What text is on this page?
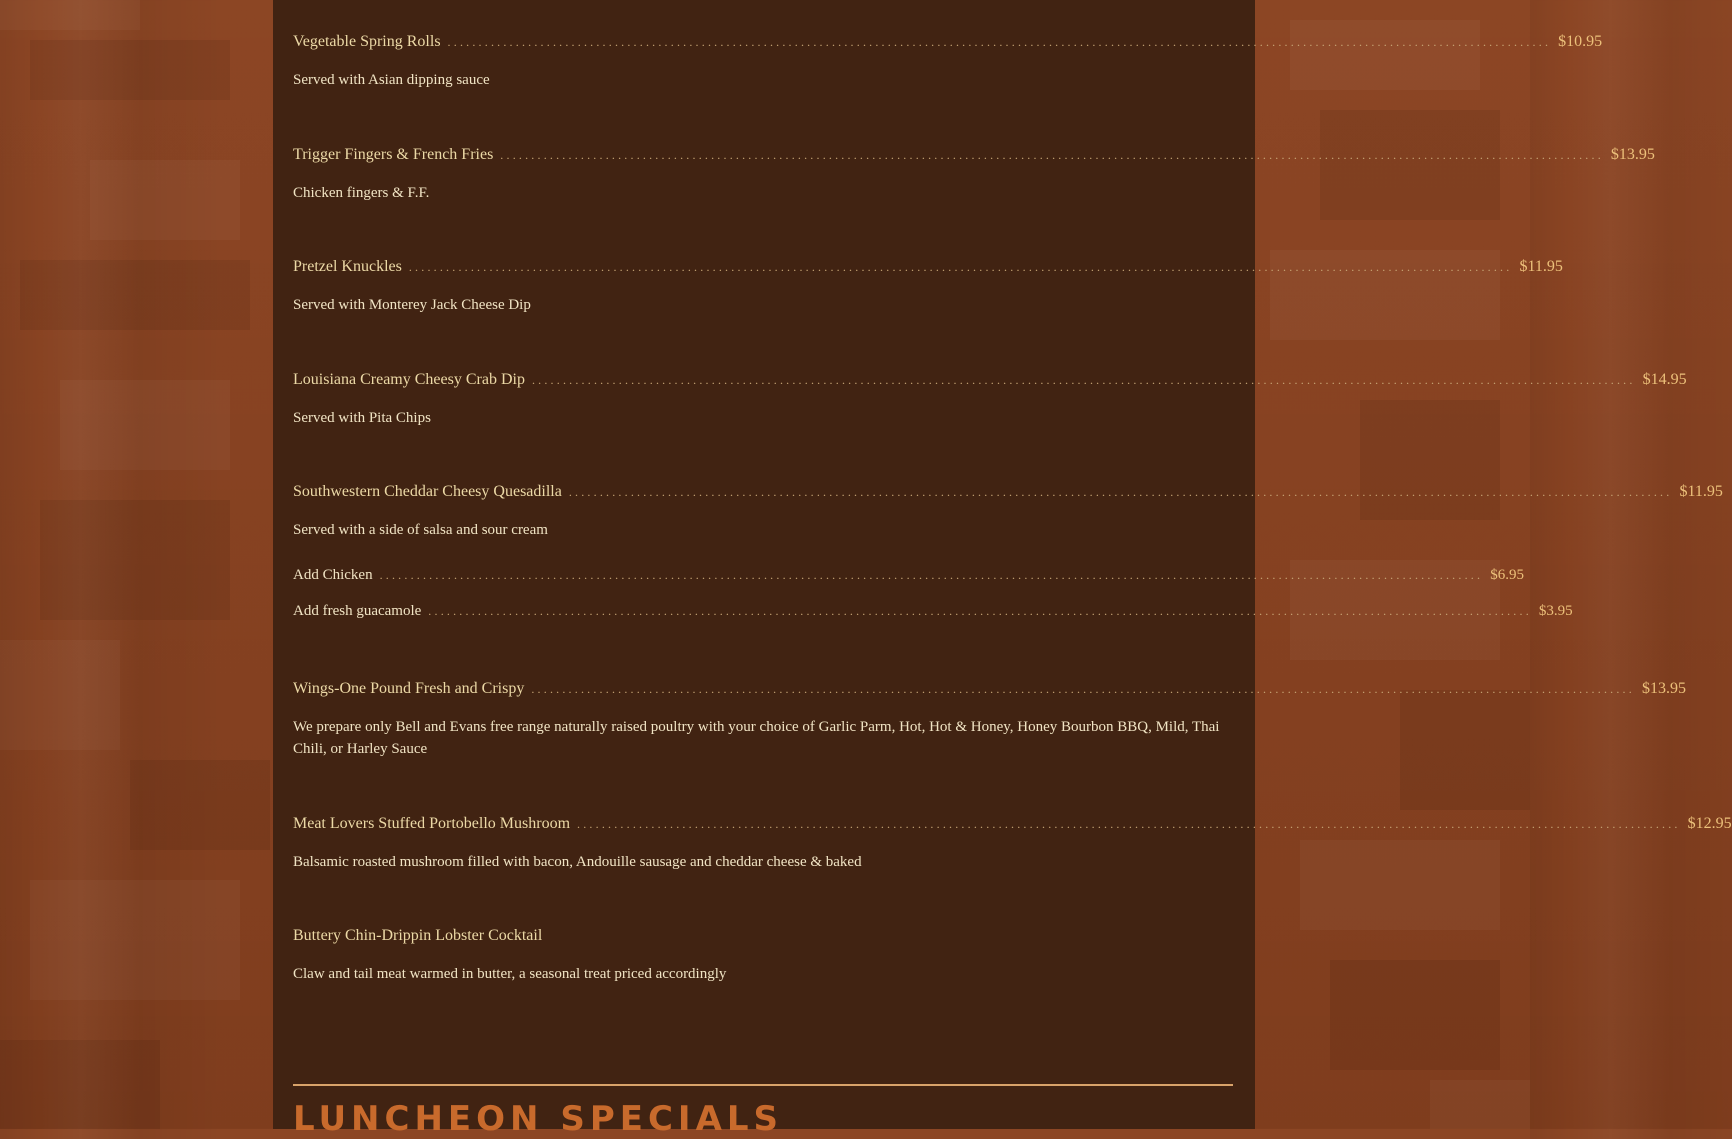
Vegetable Spring Rolls .................................................................................................................................................................................. $10.95
Served with Asian dipping sauce
Trigger Fingers & French Fries .................................................................................................................................................................................. $13.95
Chicken fingers & F.F.
Pretzel Knuckles .................................................................................................................................................................................. $11.95
Served with Monterey Jack Cheese Dip
Louisiana Creamy Cheesy Crab Dip .................................................................................................................................................................................. $14.95
Served with Pita Chips
Southwestern Cheddar Cheesy Quesadilla .................................................................................................................................................................................. $11.95
Served with a side of salsa and sour cream
Add Chicken .................................................................................................................................................................................. $6.95
Add fresh guacamole .................................................................................................................................................................................. $3.95
Wings-One Pound Fresh and Crispy .................................................................................................................................................................................. $13.95
We prepare only Bell and Evans free range naturally raised poultry with your choice of Garlic Parm, Hot, Hot & Honey, Honey Bourbon BBQ, Mild, Thai Chili, or Harley Sauce
Meat Lovers Stuffed Portobello Mushroom .................................................................................................................................................................................. $12.95
Balsamic roasted mushroom filled with bacon, Andouille sausage and cheddar cheese & baked
Buttery Chin-Drippin Lobster Cocktail
Claw and tail meat warmed in butter, a seasonal treat priced accordingly
LUNCHEON SPECIALS
